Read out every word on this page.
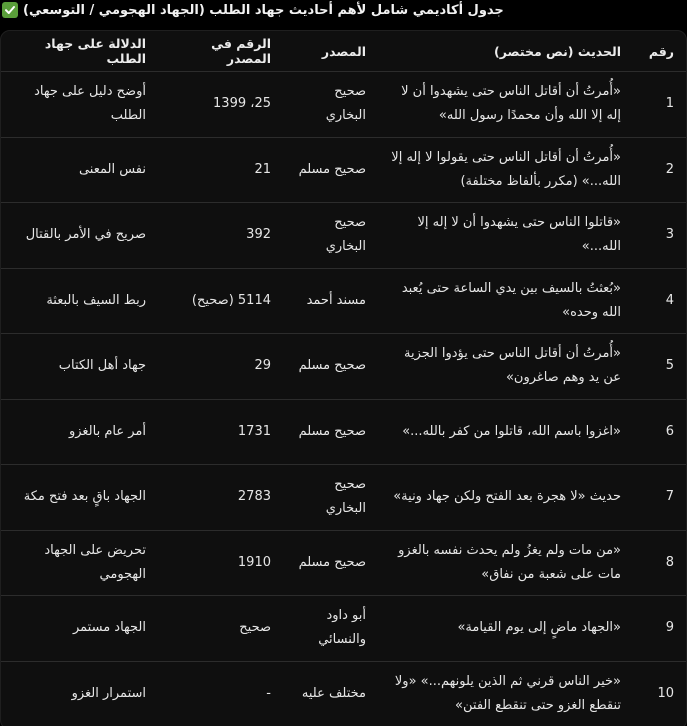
جدول أكاديمي شامل لأهم أحاديث جهاد الطلب (الجهاد الهجومي / التوسعي)
رقم	الحديث (نص مختصر)	المصدر	الرقم في المصدر	الدلالة على جهاد الطلب
1	«أُمرتُ أن أقاتل الناس حتى يشهدوا أن لا إله إلا الله وأن محمدًا رسول الله»	صحيح البخاري	25، 1399	أوضح دليل على جهاد الطلب
2	«أُمرتُ أن أقاتل الناس حتى يقولوا لا إله إلا الله...» (مكرر بألفاظ مختلفة)	صحيح مسلم	21	نفس المعنى
3	«قاتلوا الناس حتى يشهدوا أن لا إله إلا الله...»	صحيح البخاري	392	صريح في الأمر بالقتال
4	«بُعثتُ بالسيف بين يدي الساعة حتى يُعبد الله وحده»	مسند أحمد	5114 (صحيح)	ربط السيف بالبعثة
5	«أُمرتُ أن أقاتل الناس حتى يؤدوا الجزية عن يد وهم صاغرون»	صحيح مسلم	29	جهاد أهل الكتاب
6	«اغزوا باسم الله، قاتلوا من كفر بالله...»	صحيح مسلم	1731	أمر عام بالغزو
7	حديث «لا هجرة بعد الفتح ولكن جهاد ونية»	صحيح البخاري	2783	الجهاد باقٍ بعد فتح مكة
8	«من مات ولم يغزُ ولم يحدث نفسه بالغزو مات على شعبة من نفاق»	صحيح مسلم	1910	تحريض على الجهاد الهجومي
9	«الجهاد ماضٍ إلى يوم القيامة»	أبو داود والنسائي	صحيح	الجهاد مستمر
10	«خير الناس قرني ثم الذين يلونهم...» «ولا تنقطع الغزو حتى تنقطع الفتن»	مختلف عليه	-	استمرار الغزو
